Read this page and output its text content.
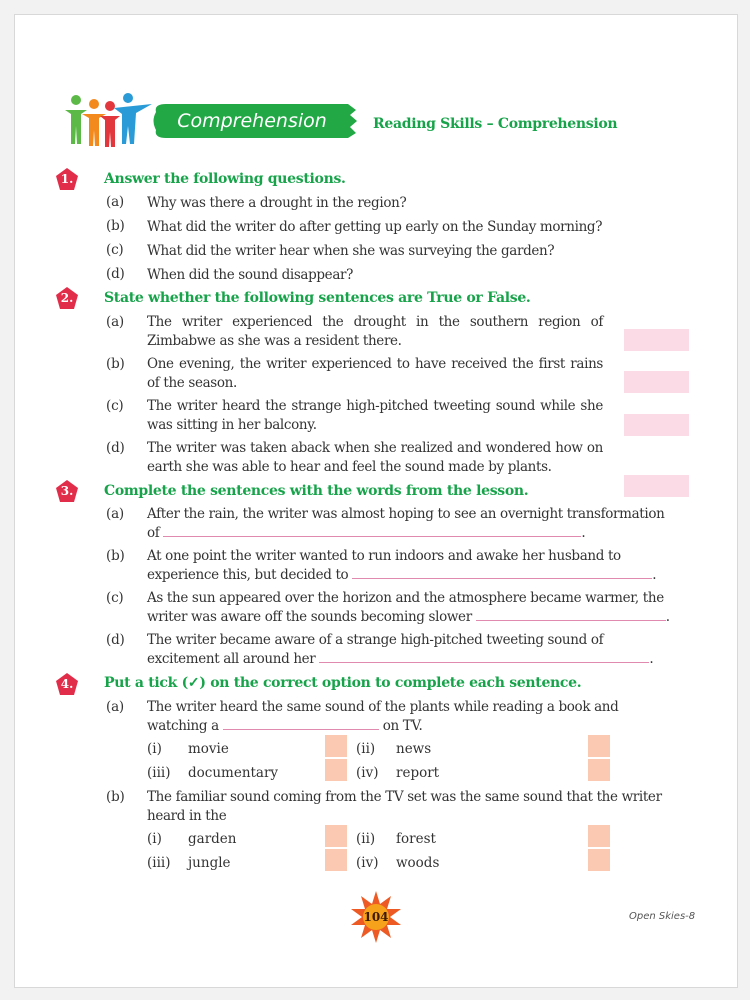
Comprehension	Reading Skills – Comprehension
1.	Answer the following questions.
(a) Why was there a drought in the region?
(b) What did the writer do after getting up early on the Sunday morning?
(c) What did the writer hear when she was surveying the garden?
(d) When did the sound disappear?
2.	State whether the following sentences are True or False.
(a) The writer experienced the drought in the southern region of Zimbabwe as she was a resident there.
(b) One evening, the writer experienced to have received the first rains of the season.
(c) The writer heard the strange high-pitched tweeting sound while she was sitting in her balcony.
(d) The writer was taken aback when she realized and wondered how on earth she was able to hear and feel the sound made by plants.
3.	Complete the sentences with the words from the lesson.
(a) After the rain, the writer was almost hoping to see an overnight transformation
of	.
(b) At one point the writer wanted to run indoors and awake her husband to
experience this, but decided to	.
(c) As the sun appeared over the horizon and the atmosphere became warmer, the
writer was aware off the sounds becoming slower	.
(d) The writer became aware of a strange high-pitched tweeting sound of
excitement all around her	.
4.	Put a tick (✓) on the correct option to complete each sentence.
(a) The writer heard the same sound of the plants while reading a book and
watching a	on TV.
(i) movie	(ii) news
(iii) documentary	(iv) report
(b) The familiar sound coming from the TV set was the same sound that the writer
heard in the
(i) garden	(ii) forest
(iii) jungle	(iv) woods
104	Open Skies-8
